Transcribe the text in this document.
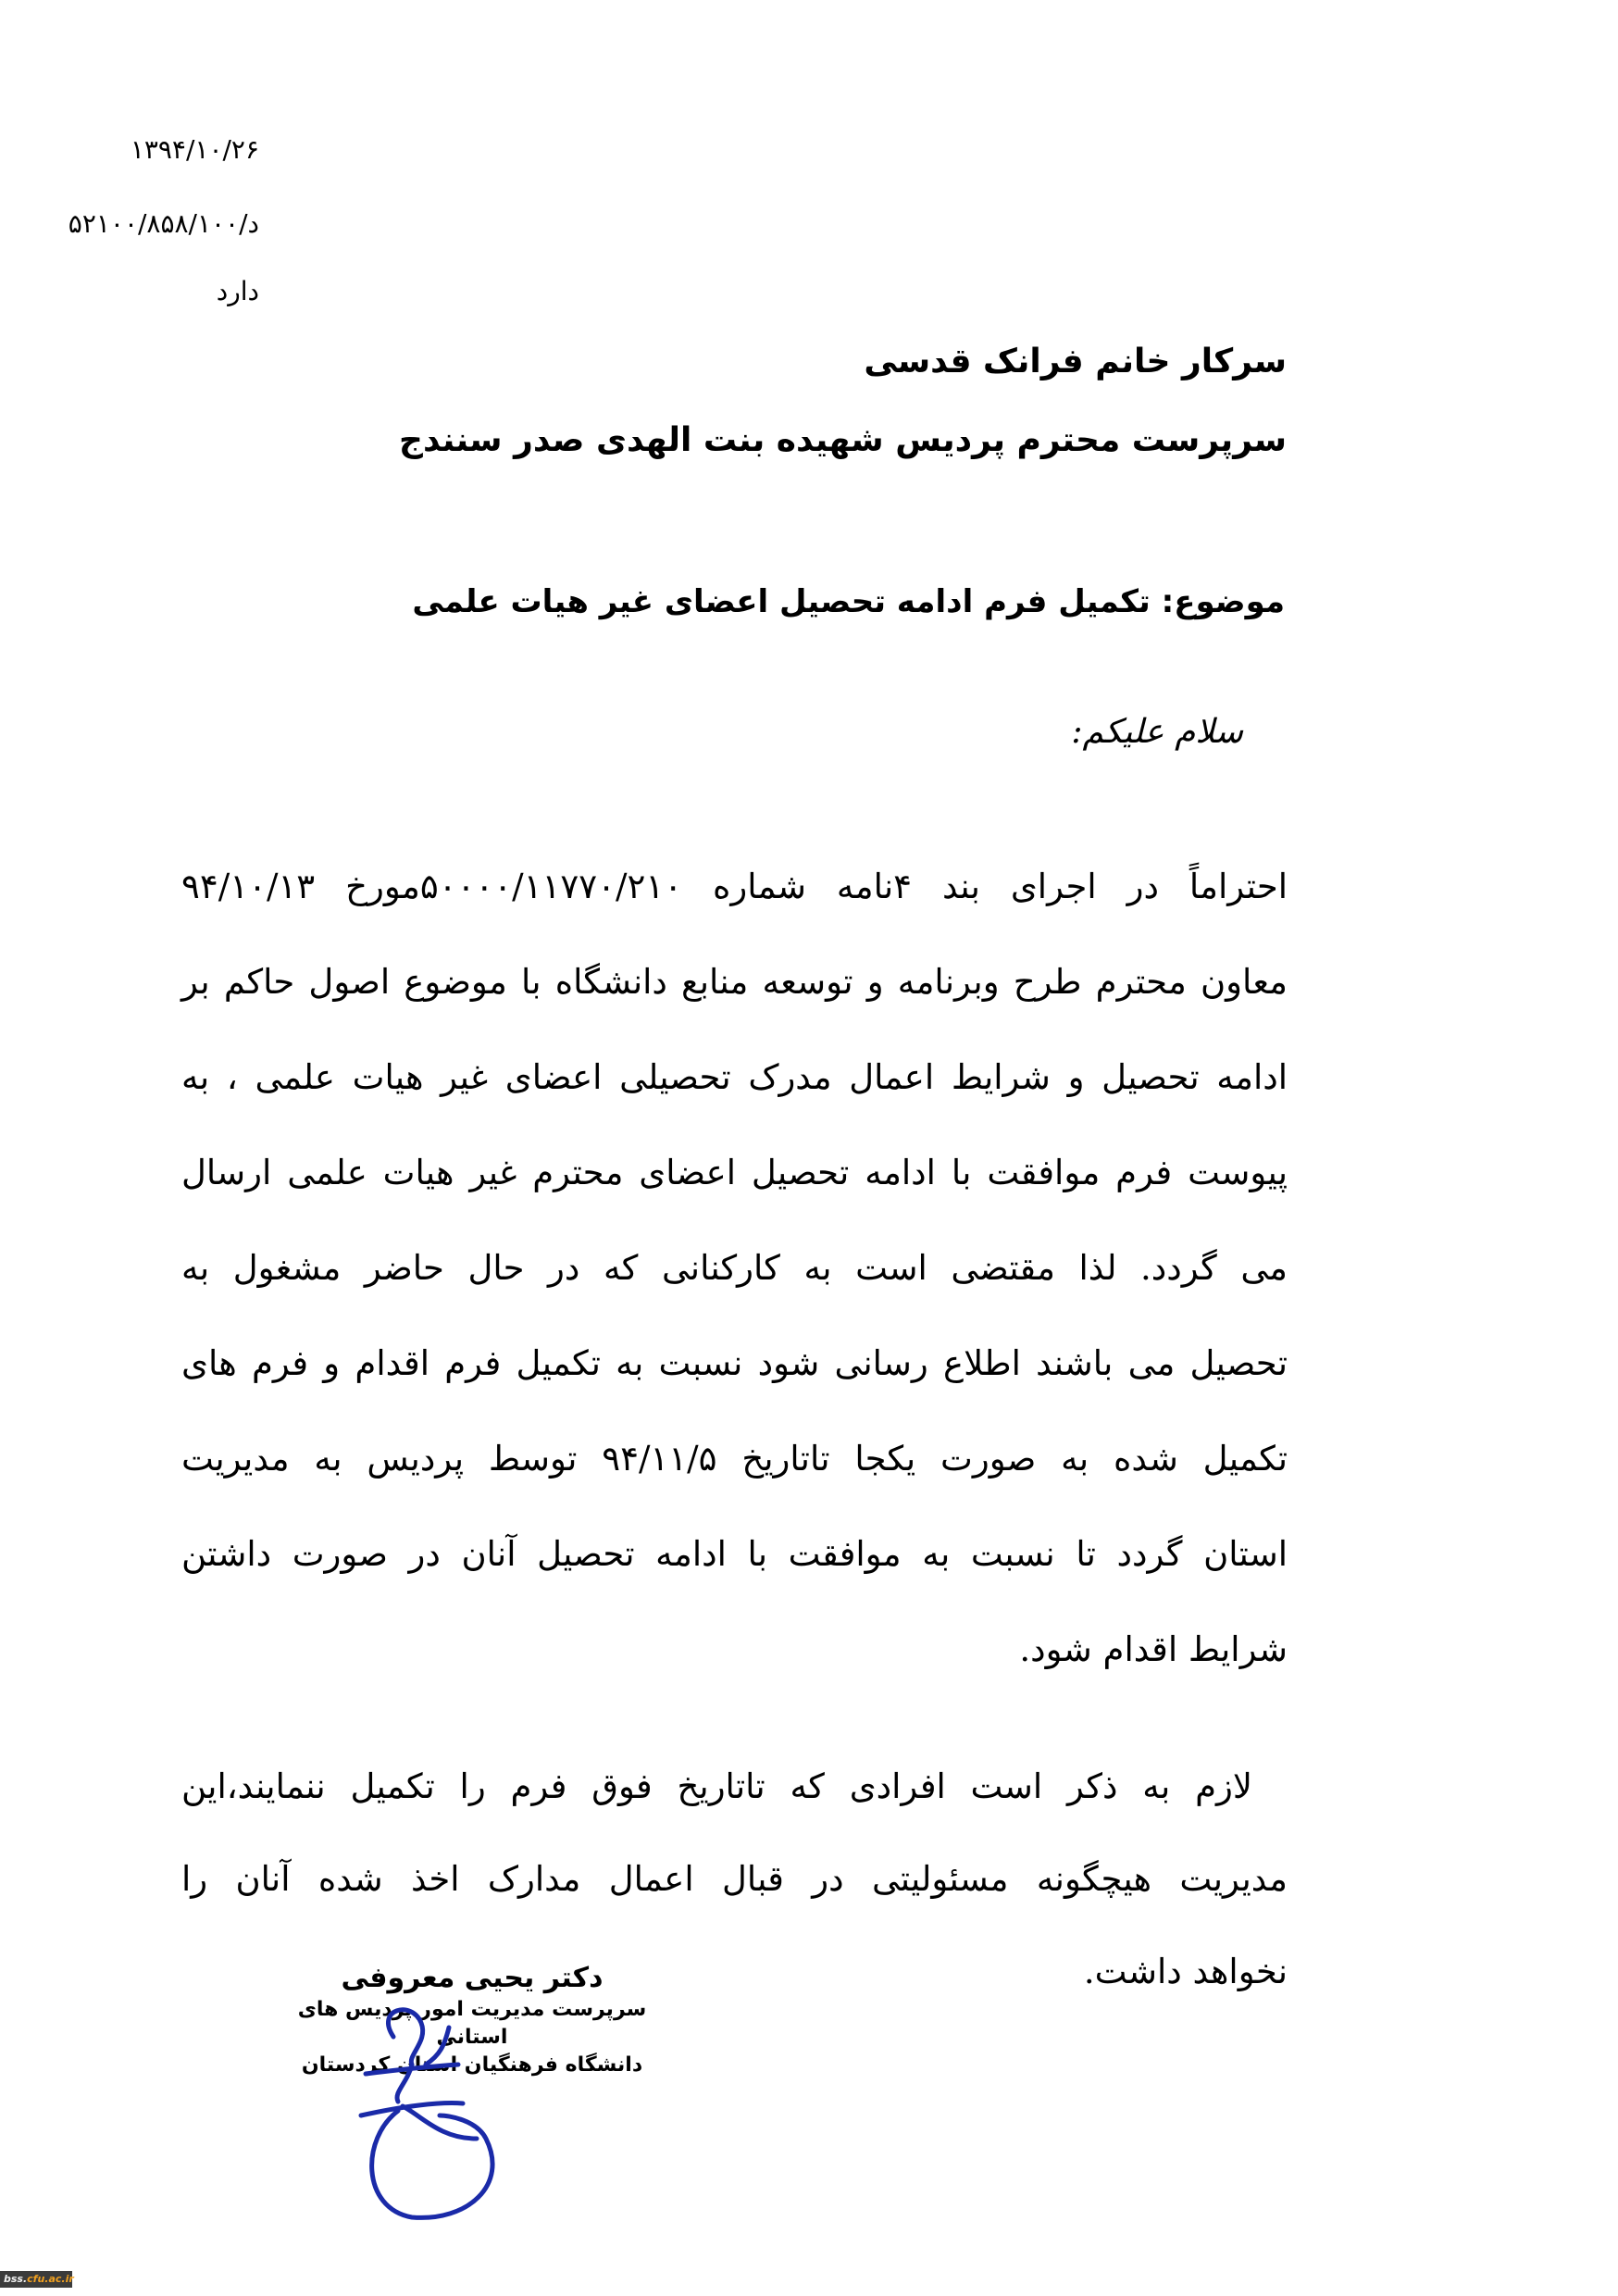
۱۳۹۴/۱۰/۲۶
د/۵۲۱۰۰/۸۵۸/۱۰۰
دارد
سرکار خانم فرانک قدسی
سرپرست محترم پردیس شهیده بنت الهدی صدر سنندج
موضوع: تکمیل فرم ادامه تحصیل اعضای غیر هیات علمی
سلام علیکم:
احتراماً در اجرای بند ۴نامه شماره ۵۰۰۰۰/۱۱۷۷۰/۲۱۰مورخ ۹۴/۱۰/۱۳
معاون محترم طرح وبرنامه و توسعه منابع دانشگاه با موضوع اصول حاکم بر
ادامه تحصیل و شرایط اعمال مدرک تحصیلی اعضای غیر هیات علمی ، به
پیوست فرم موافقت با ادامه تحصیل اعضای محترم غیر هیات علمی ارسال
می گردد. لذا مقتضی است به کارکنانی که در حال حاضر مشغول به
تحصیل می باشند اطلاع رسانی شود نسبت به تکمیل فرم اقدام و فرم های
تکمیل شده به صورت یکجا تاتاریخ ۹۴/۱۱/۵ توسط پردیس به مدیریت
استان گردد تا نسبت به موافقت با ادامه تحصیل آنان در صورت داشتن
شرایط اقدام شود.
لازم به ذکر است افرادی که تاتاریخ فوق فرم را تکمیل ننمایند،این
مدیریت هیچگونه مسئولیتی در قبال اعمال مدارک اخذ شده آنان را
نخواهد داشت.
دکتر یحیی معروفی
سرپرست مدیریت امور پردیس های استانی
دانشگاه فرهنگیان استان کردستان
bss.cfu.ac.ir
